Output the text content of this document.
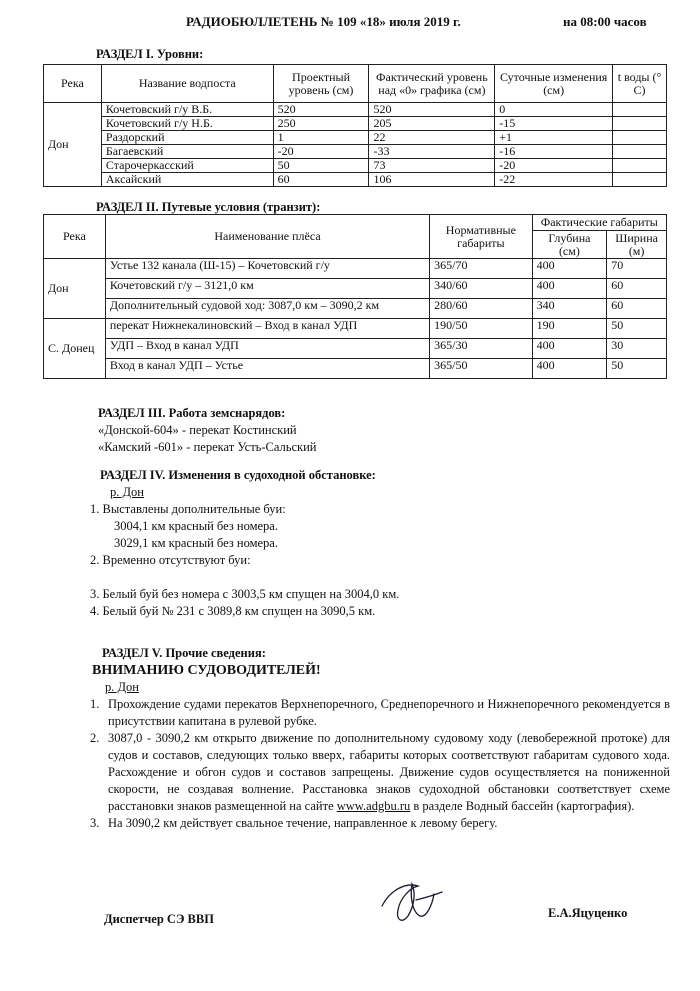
РАДИОБЮЛЛЕТЕНЬ № 109 «18» июля 2019 г.	на 08:00 часов
РАЗДЕЛ I. Уровни:
Река	Название водпоста	Проектный уровень (см)	Фактический уровень над «0» графика (см)	Суточные изменения (см)	t воды (° C)
Дон	Кочетовский г/у В.Б.	520	520	0	
	Кочетовский г/у Н.Б.	250	205	-15	
	Раздорский	1	22	+1	
	Багаевский	-20	-33	-16	
	Старочеркасский	50	73	-20	
	Аксайский	60	106	-22	
РАЗДЕЛ II. Путевые условия (транзит):
Река	Наименование плёса	Нормативные габариты	Фактические габариты	
			Глубина (см)	Ширина (м)
Дон	Устье 132 канала (Ш-15) – Кочетовский г/у	365/70	400	70
	Кочетовский г/у – 3121,0 км	340/60	400	60
	Дополнительный судовой ход: 3087,0 км – 3090,2 км	280/60	340	60
С. Донец	перекат Нижнекалиновский – Вход в канал УДП	190/50	190	50
	УДП – Вход в канал УДП	365/30	400	30
	Вход в канал УДП – Устье	365/50	400	50
РАЗДЕЛ III. Работа земснарядов:

«Донской-604» - перекат Костинский

«Камский -601» - перекат Усть-Сальский

РАЗДЕЛ IV. Изменения в судоходной обстановке:

р. Дон

1. Выставлены дополнительные буи:

3004,1 км красный без номера.

3029,1 км красный без номера.

2. Временно отсутствуют буи:

3. Белый буй без номера с 3003,5 км спущен на 3004,0 км.

4. Белый буй № 231 с 3089,8 км спущен на 3090,5 км.

РАЗДЕЛ V. Прочие сведения:
ВНИМАНИЮ СУДОВОДИТЕЛЕЙ!

р. Дон

1. Прохождение судами перекатов Верхнепоречного, Среднепоречного и Нижнепоречного рекомендуется в присутствии капитана в рулевой рубке.
2. 3087,0 - 3090,2 км открыто движение по дополнительному судовому ходу (левобережной протоке) для судов и составов, следующих только вверх, габариты которых соответствуют габаритам судового хода. Расхождение и обгон судов и составов запрещены. Движение судов осуществляется на пониженной скорости, не создавая волнение. Расстановка знаков судоходной обстановки соответствует схеме расстановки знаков размещенной на сайте www.adgbu.ru в разделе Водный бассейн (картография).
3. На 3090,2 км действует свальное течение, направленное к левому берегу.
Диспетчер СЭ ВВП	Е.А.Яцуценко
